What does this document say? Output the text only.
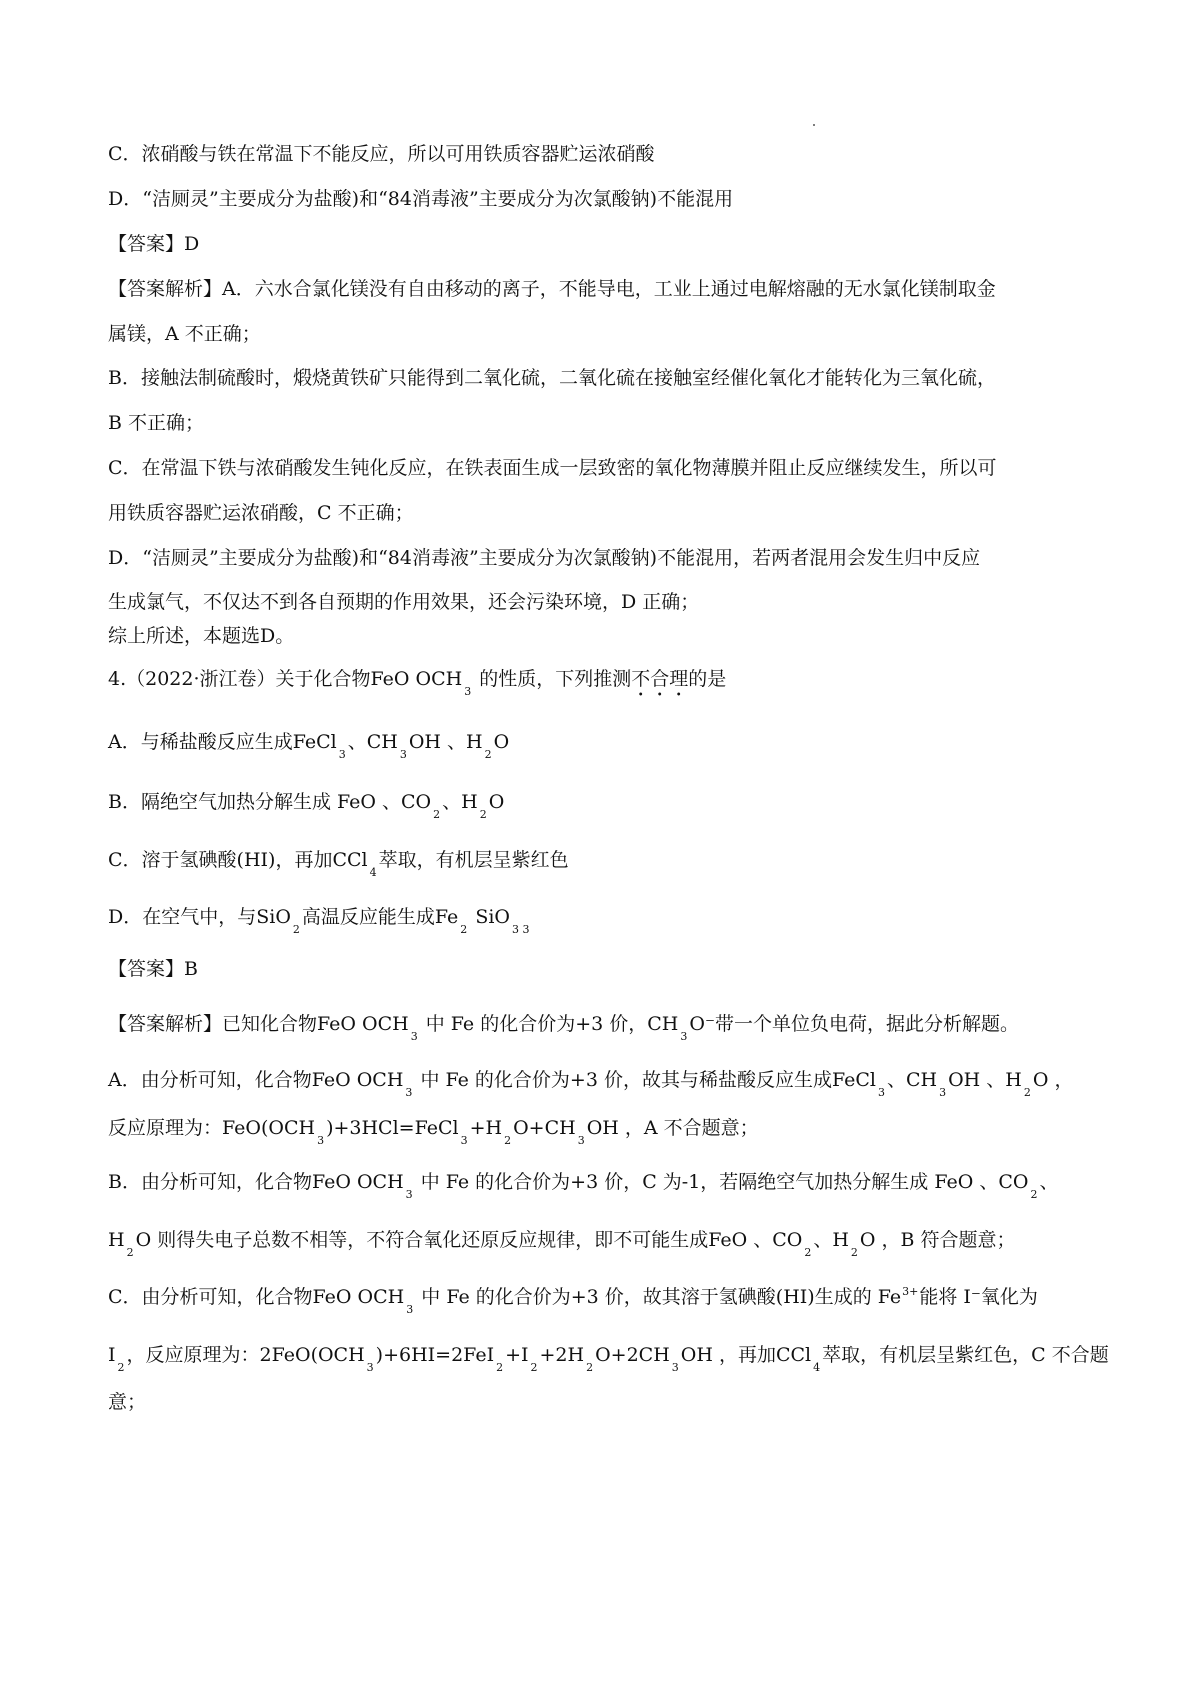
C．浓硝酸与铁在常温下不能反应，所以可用铁质容器贮运浓硝酸
D．“洁厕灵”主要成分为盐酸)和“84消毒液”主要成分为次氯酸钠)不能混用
【答案】D
【答案解析】A．六水合氯化镁没有自由移动的离子，不能导电，工业上通过电解熔融的无水氯化镁制取金
属镁，A 不正确；
B．接触法制硫酸时，煅烧黄铁矿只能得到二氧化硫，二氧化硫在接触室经催化氧化才能转化为三氧化硫，
B 不正确；
C．在常温下铁与浓硝酸发生钝化反应，在铁表面生成一层致密的氧化物薄膜并阻止反应继续发生，所以可
用铁质容器贮运浓硝酸，C 不正确；
D．“洁厕灵”主要成分为盐酸)和“84消毒液”主要成分为次氯酸钠)不能混用，若两者混用会发生归中反应
生成氯气，不仅达不到各自预期的作用效果，还会污染环境，D 正确；
综上所述，本题选D。
4.（2022·浙江卷）关于化合物FeO $OCH_3$ 的性质，下列推测不合理的是
A．与稀盐酸反应生成FeCl$_3$、$CH_3OH$ 、$H_2O$
B．隔绝空气加热分解生成 FeO 、$CO_2$、$H_2O$
C．溶于氢碘酸(HI)，再加CCl$_4$萃取，有机层呈紫红色
D．在空气中，与SiO$_2$高温反应能生成$Fe_2$ SiO$_{3 3}$
【答案】B
【答案解析】已知化合物FeO $OCH_3$ 中 Fe 的化合价为+3 价，$CH_3O^-$带一个单位负电荷，据此分析解题。
A．由分析可知，化合物FeO $OCH_3$ 中 Fe 的化合价为+3 价，故其与稀盐酸反应生成FeCl$_3$、$CH_3OH$ 、$H_2O$ ，
反应原理为：$FeO(OCH_3)+3HCl=FeCl_3+H_2O+CH_3OH$ ，A 不合题意；
B．由分析可知，化合物FeO $OCH_3$ 中 Fe 的化合价为+3 价，C 为-1，若隔绝空气加热分解生成 FeO 、$CO_2$、
$H_2O$ 则得失电子总数不相等，不符合氧化还原反应规律，即不可能生成FeO 、$CO_2$、$H_2O$ ，B 符合题意；
C．由分析可知，化合物FeO $OCH_3$ 中 Fe 的化合价为+3 价，故其溶于氢碘酸(HI)生成的 $Fe^{3+}$能将 I⁻氧化为
$I_2$，反应原理为：$2FeO(OCH_3)+6HI=2FeI_2+I_2+2H_2O+2CH_3OH$ ，再加CCl$_4$萃取，有机层呈紫红色，C 不合题
意；
